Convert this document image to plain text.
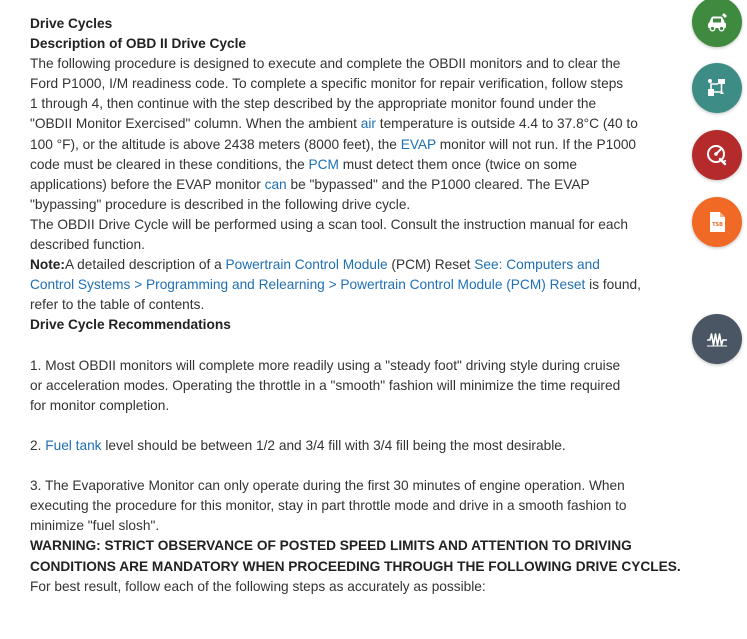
Drive Cycles
Description of OBD II Drive Cycle
The following procedure is designed to execute and complete the OBDII monitors and to clear the
Ford P1000, I/M readiness code. To complete a specific monitor for repair verification, follow steps
1 through 4, then continue with the step described by the appropriate monitor found under the
"OBDII Monitor Exercised" column. When the ambient air temperature is outside 4.4 to 37.8°C (40 to
100 °F), or the altitude is above 2438 meters (8000 feet), the EVAP monitor will not run. If the P1000
code must be cleared in these conditions, the PCM must detect them once (twice on some
applications) before the EVAP monitor can be "bypassed" and the P1000 cleared. The EVAP
"bypassing" procedure is described in the following drive cycle.
The OBDII Drive Cycle will be performed using a scan tool. Consult the instruction manual for each
described function.
Note:A detailed description of a Powertrain Control Module (PCM) Reset See: Computers and
Control Systems > Programming and Relearning > Powertrain Control Module (PCM) Reset is found,
refer to the table of contents.
Drive Cycle Recommendations
1. Most OBDII monitors will complete more readily using a "steady foot" driving style during cruise
or acceleration modes. Operating the throttle in a "smooth" fashion will minimize the time required
for monitor completion.
2. Fuel tank level should be between 1/2 and 3/4 fill with 3/4 fill being the most desirable.
3. The Evaporative Monitor can only operate during the first 30 minutes of engine operation. When
executing the procedure for this monitor, stay in part throttle mode and drive in a smooth fashion to
minimize "fuel slosh".
WARNING: STRICT OBSERVANCE OF POSTED SPEED LIMITS AND ATTENTION TO DRIVING
CONDITIONS ARE MANDATORY WHEN PROCEEDING THROUGH THE FOLLOWING DRIVE CYCLES.
For best result, follow each of the following steps as accurately as possible:
TSB
